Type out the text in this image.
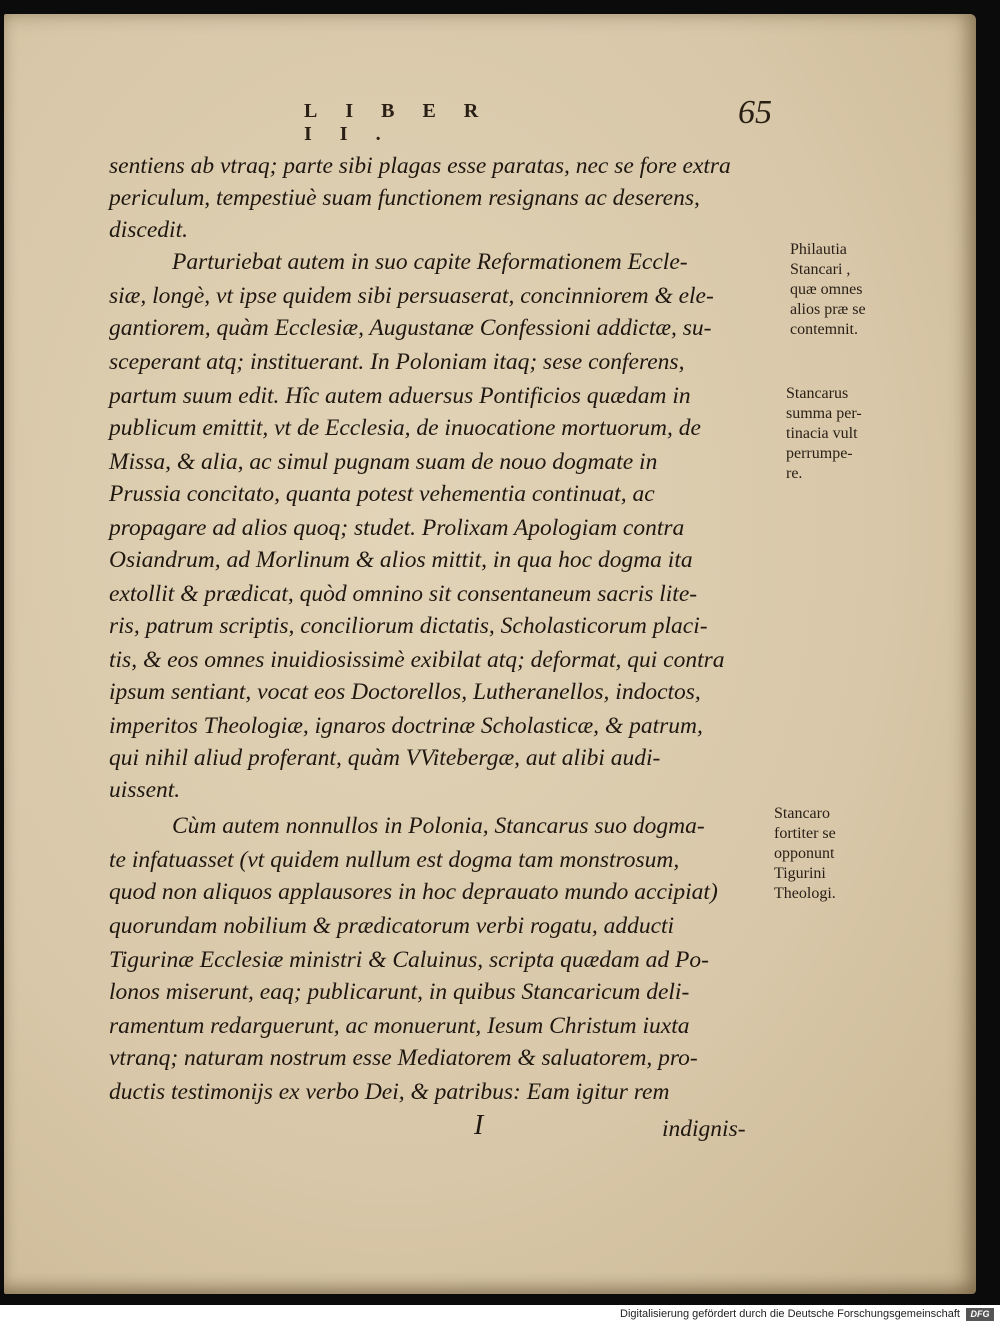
LIBER II.
65
sentiens ab vtraq; parte sibi plagas esse paratas, nec se fore extra
periculum, tempestiuè suam functionem resignans ac deserens,
discedit.
Parturiebat autem in suo capite Reformationem Eccle-
siæ, longè, vt ipse quidem sibi persuaserat, concinniorem & ele-
gantiorem, quàm Ecclesiæ, Augustanæ Confessioni addictæ, su-
sceperant atq; instituerant. In Poloniam itaq; sese conferens,
partum suum edit. Hîc autem aduersus Pontificios quædam in
publicum emittit, vt de Ecclesia, de inuocatione mortuorum, de
Missa, & alia, ac simul pugnam suam de nouo dogmate in
Prussia concitato, quanta potest vehementia continuat, ac
propagare ad alios quoq; studet. Prolixam Apologiam contra
Osiandrum, ad Morlinum & alios mittit, in qua hoc dogma ita
extollit & prædicat, quòd omnino sit consentaneum sacris lite-
ris, patrum scriptis, conciliorum dictatis, Scholasticorum placi-
tis, & eos omnes inuidiosissimè exibilat atq; deformat, qui contra
ipsum sentiant, vocat eos Doctorellos, Lutheranellos, indoctos,
imperitos Theologiæ, ignaros doctrinæ Scholasticæ, & patrum,
qui nihil aliud proferant, quàm VVitebergæ, aut alibi audi-
uissent.
Cùm autem nonnullos in Polonia, Stancarus suo dogma-
te infatuasset (vt quidem nullum est dogma tam monstrosum,
quod non aliquos applausores in hoc deprauato mundo accipiat)
quorundam nobilium & prædicatorum verbi rogatu, adducti
Tigurinæ Ecclesiæ ministri & Caluinus, scripta quædam ad Po-
lonos miserunt, eaq; publicarunt, in quibus Stancaricum deli-
ramentum redarguerunt, ac monuerunt, Iesum Christum iuxta
vtranq; naturam nostrum esse Mediatorem & saluatorem, pro-
ductis testimonijs ex verbo Dei, & patribus: Eam igitur rem
I	indignis-
Philautia
Stancari ,
quæ omnes
alios præ se
contemnit.
Stancarus
summa per-
tinacia vult
perrumpe-
re.
Stancaro
fortiter se
opponunt
Tigurini
Theologi.
Digitalisierung gefördert durch die Deutsche Forschungsgemeinschaft	DFG
